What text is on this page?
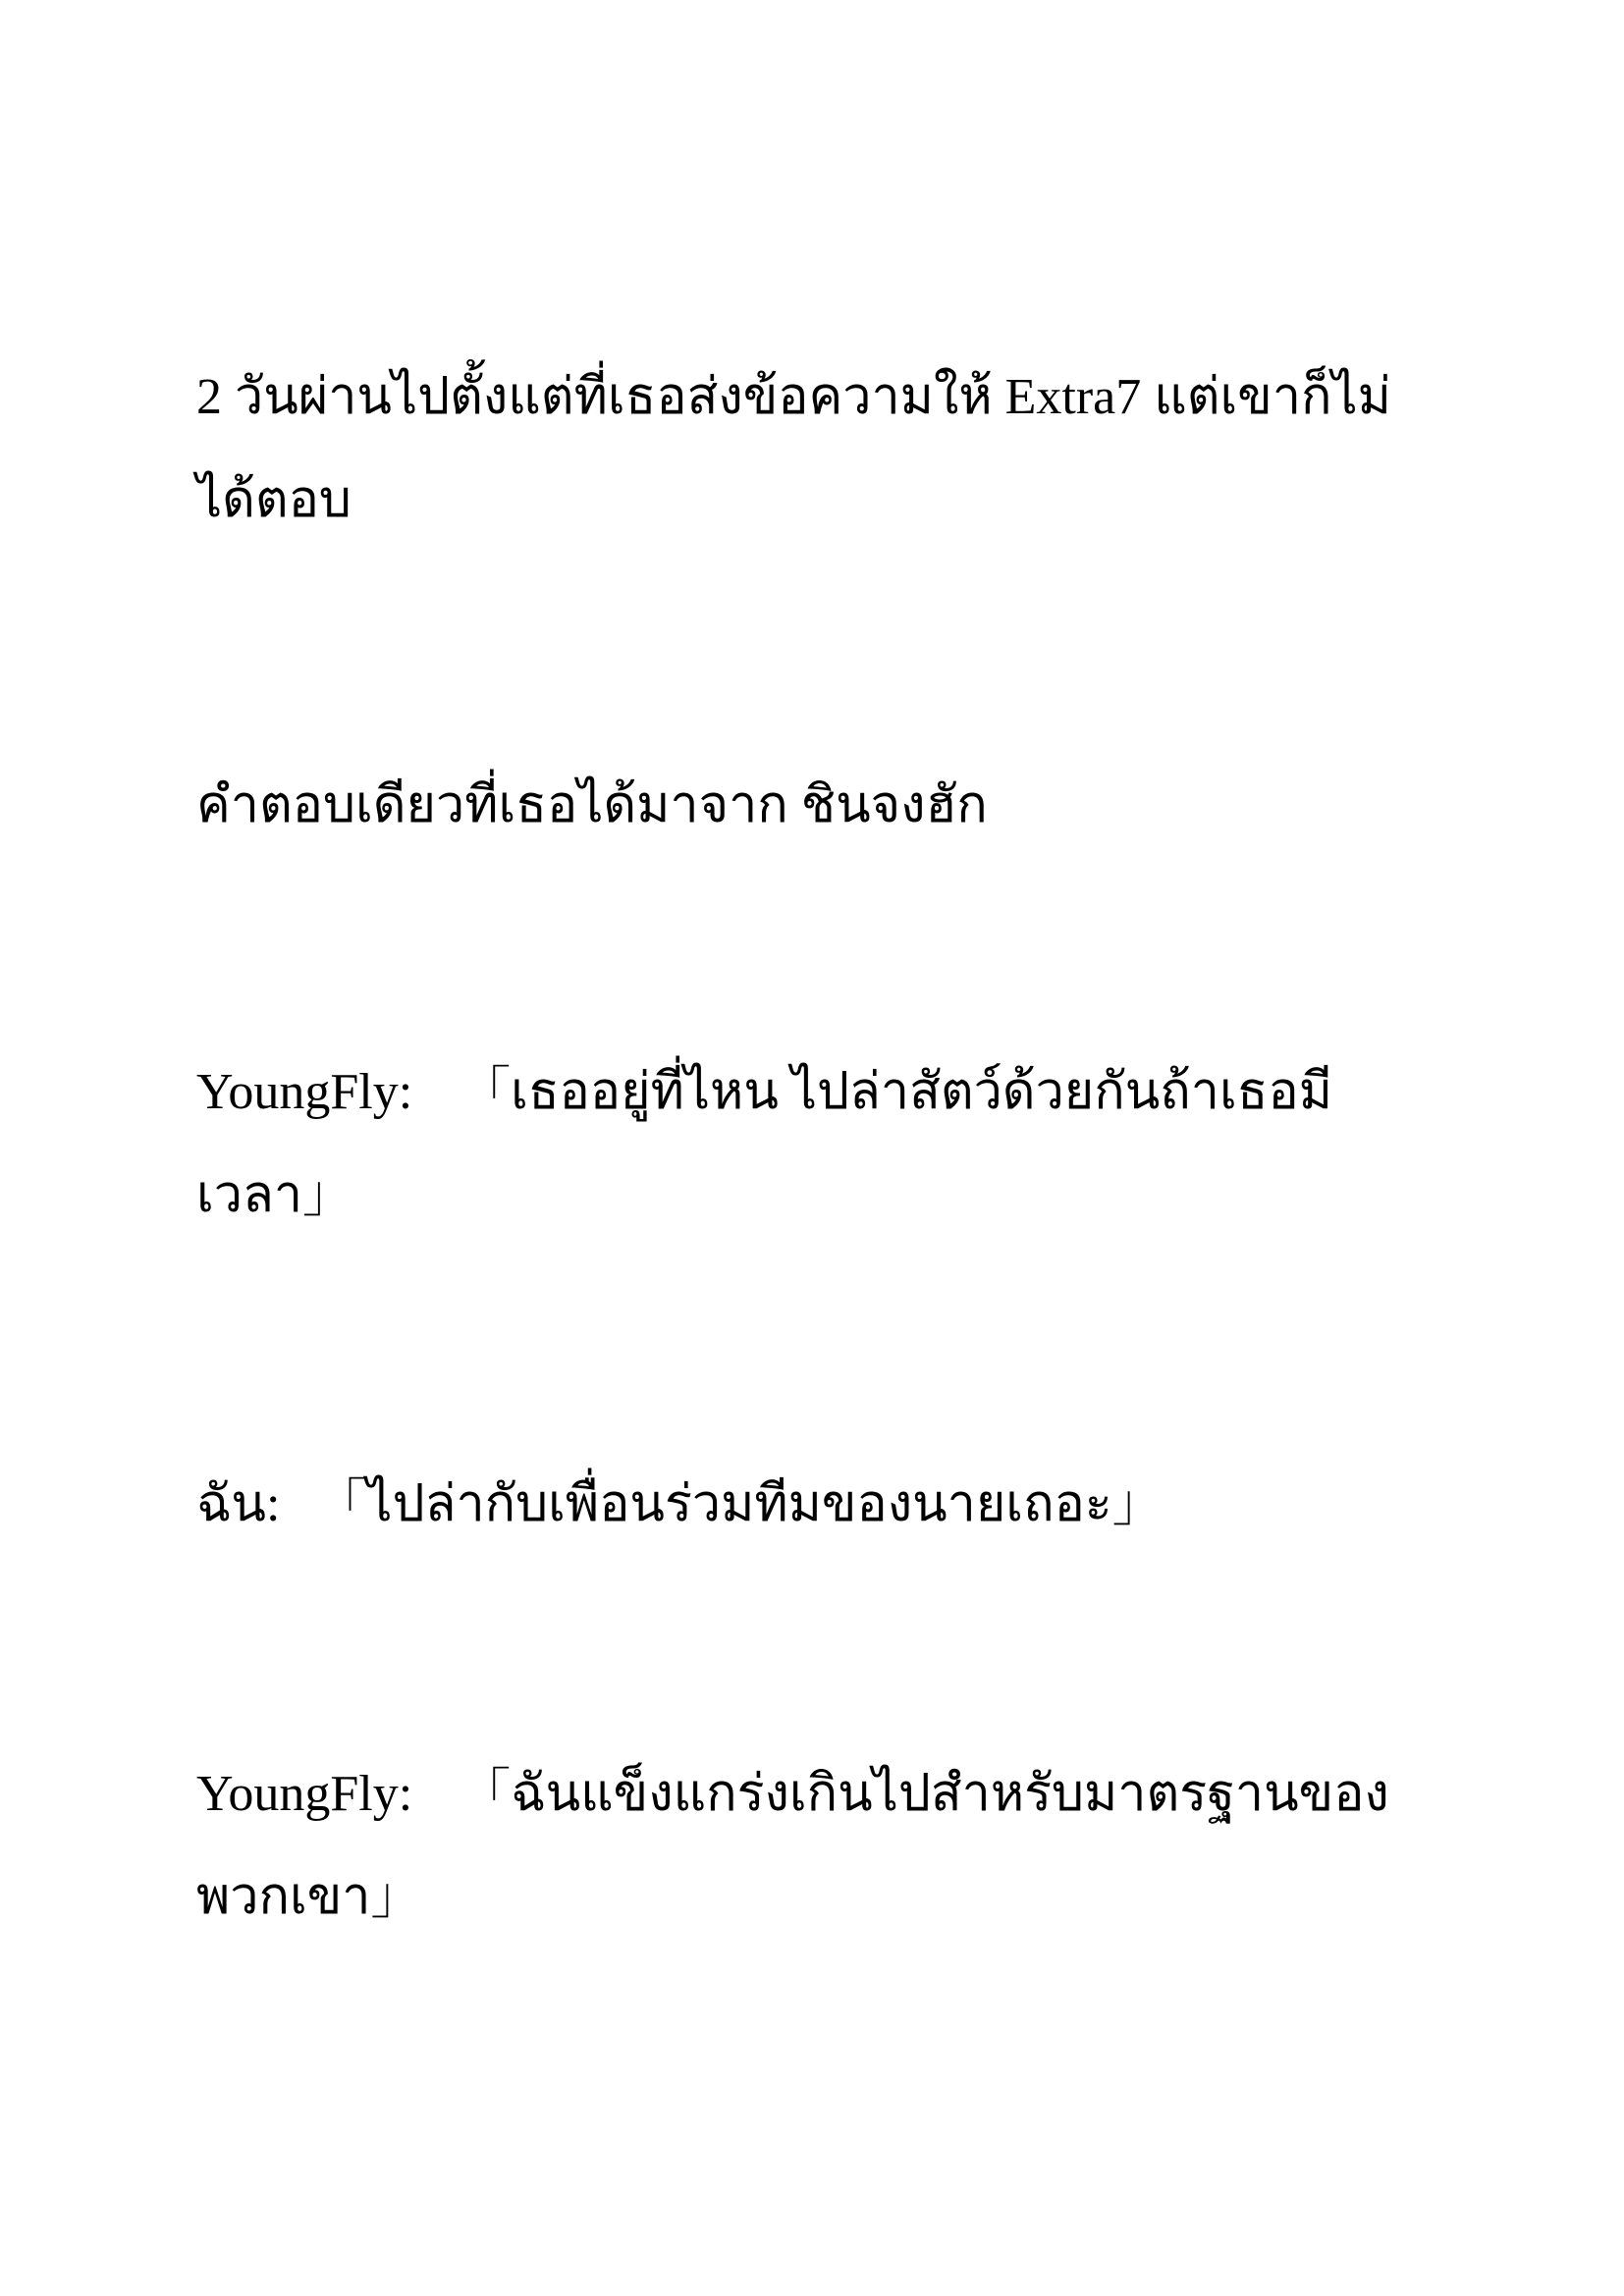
2 วันผ่านไปตั้งแต่ที่เธอส่งข้อความให้ Extra7 แต่เขาก็ไม่ได้ตอบ

คำตอบเดียวที่เธอได้มาจาก ชินจงฮัก

YoungFly: 「เธออยู่ที่ไหน ไปล่าสัตว์ด้วยกันถ้าเธอมีเวลา」

ฉัน: 「ไปล่ากับเพื่อนร่วมทีมของนายเถอะ」

YoungFly: 「ฉันแข็งแกร่งเกินไปสำหรับมาตรฐานของพวกเขา」
